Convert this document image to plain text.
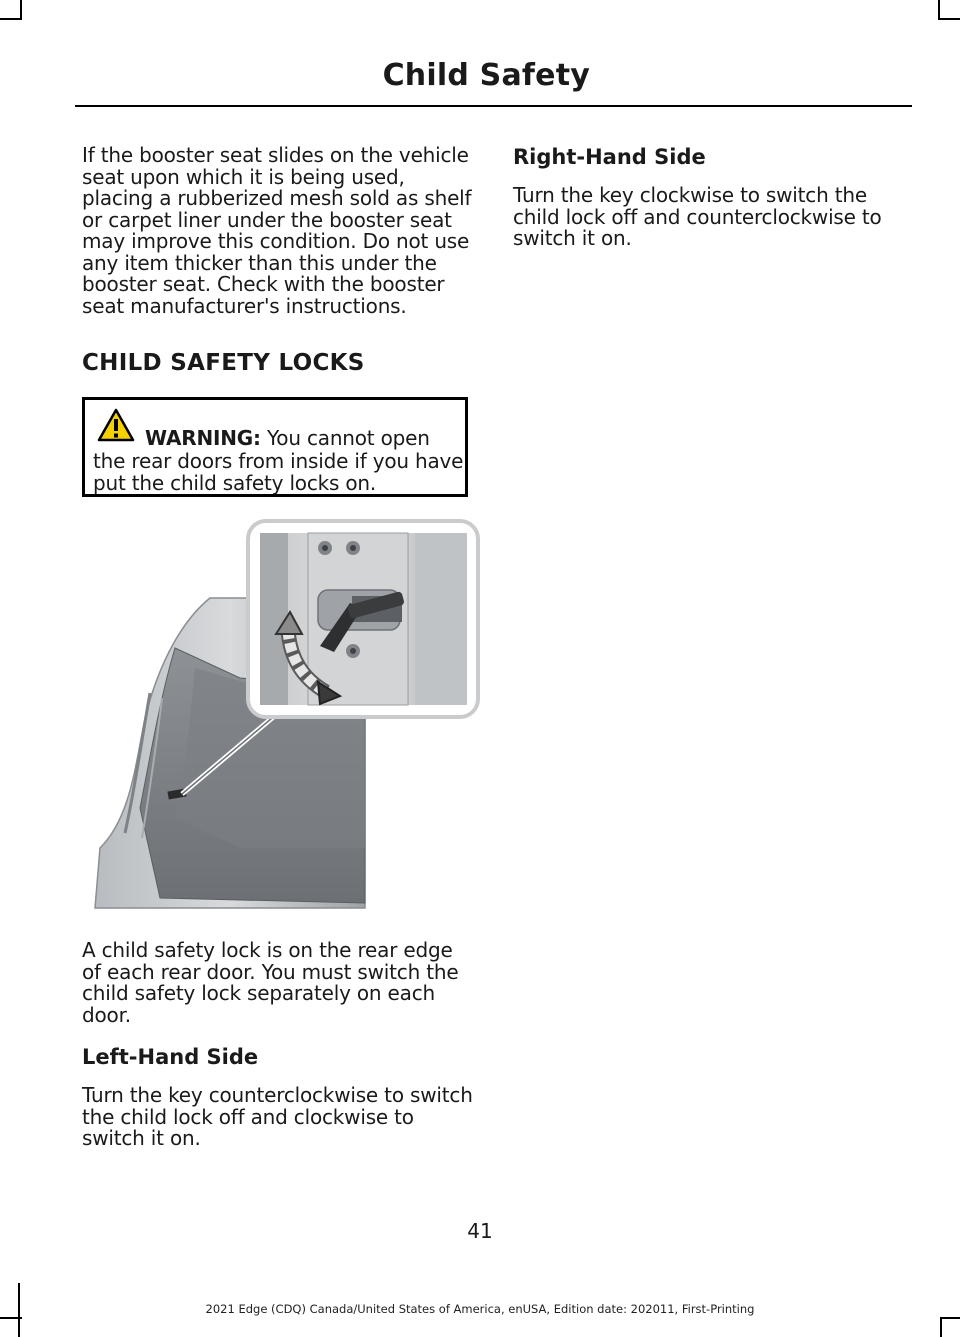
Child Safety

If the booster seat slides on the vehicle seat upon which it is being used, placing a rubberized mesh sold as shelf or carpet liner under the booster seat may improve this condition. Do not use any item thicker than this under the booster seat. Check with the booster seat manufacturer's instructions.

CHILD SAFETY LOCKS
WARNING: You cannot open the rear doors from inside if you have put the child safety locks on.

A child safety lock is on the rear edge of each rear door. You must switch the child safety lock separately on each door.

Left-Hand Side

Turn the key counterclockwise to switch the child lock off and clockwise to switch it on.

Right-Hand Side

Turn the key clockwise to switch the child lock off and counterclockwise to switch it on.

41
2021 Edge (CDQ) Canada/United States of America, enUSA, Edition date: 202011, First-Printing
